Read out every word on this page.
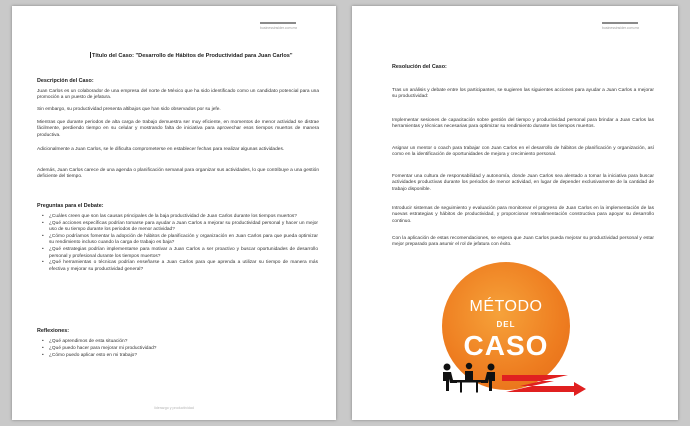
businessinsider.com.mx
Título del Caso: "Desarrollo de Hábitos de Productividad para Juan Carlos"
Descripción del Caso:
Juan Carlos es un colaborador de una empresa del norte de México que ha sido identificado como un candidato potencial para una promoción a un puesto de jefatura.
Sin embargo, su productividad presenta altibajos que han sido observados por su jefe.
Mientras que durante periodos de alta carga de trabajo demuestra ser muy eficiente, en momentos de menor actividad se distrae fácilmente, perdiendo tiempo en su celular y mostrando falta de iniciativa para aprovechar esos tiempos muertos de manera productiva.
Adicionalmente a Juan Carlos, se le dificulta comprometerse en establecer fechas para realizar algunas actividades.
Además, Juan Carlos carece de una agenda o planificación semanal para organizar sus actividades, lo que contribuye a una gestión deficiente del tiempo.
Preguntas para el Debate:
• ¿Cuáles creen que son las causas principales de la baja productividad de Juan Carlos durante los tiempos muertos?
• ¿Qué acciones específicas podrían tomarse para ayudar a Juan Carlos a mejorar su productividad personal y hacer un mejor uso de su tiempo durante los periodos de menor actividad?
• ¿Cómo podríamos fomentar la adopción de hábitos de planificación y organización en Juan Carlos para que pueda optimizar su rendimiento incluso cuando la carga de trabajo es baja?
• ¿Qué estrategias podrían implementarse para motivar a Juan Carlos a ser proactivo y buscar oportunidades de desarrollo personal y profesional durante los tiempos muertos?
• ¿Qué herramientas o técnicas podrían enseñarse a Juan Carlos para que aprenda a utilizar su tiempo de manera más efectiva y mejorar su productividad general?
Reflexiones:
• ¿Qué aprendimos de esta situación?
• ¿Qué puedo hacer para mejorar mi productividad?
• ¿Cómo puedo aplicar esto en mi trabajo?
liderazgo y productividad
businessinsider.com.mx
Resolución del Caso:
Tras un análisis y debate entre los participantes, se sugieren las siguientes acciones para ayudar a Juan Carlos a mejorar su productividad:
Implementar sesiones de capacitación sobre gestión del tiempo y productividad personal para brindar a Juan Carlos las herramientas y técnicas necesarias para optimizar su rendimiento durante los tiempos muertos.
Asignar un mentor o coach para trabajar con Juan Carlos en el desarrollo de hábitos de planificación y organización, así como en la identificación de oportunidades de mejora y crecimiento personal.
Fomentar una cultura de responsabilidad y autonomía, donde Juan Carlos sea alentado a tomar la iniciativa para buscar actividades productivas durante los periodos de menor actividad, en lugar de depender exclusivamente de la cantidad de trabajo disponible.
Introducir sistemas de seguimiento y evaluación para monitorear el progreso de Juan Carlos en la implementación de las nuevas estrategias y hábitos de productividad, y proporcionar retroalimentación constructiva para apoyar su desarrollo continuo.
Con la aplicación de estas recomendaciones, se espera que Juan Carlos pueda mejorar su productividad personal y estar mejor preparado para asumir el rol de jefatura con éxito.
MÉTODO
DEL
CASO
